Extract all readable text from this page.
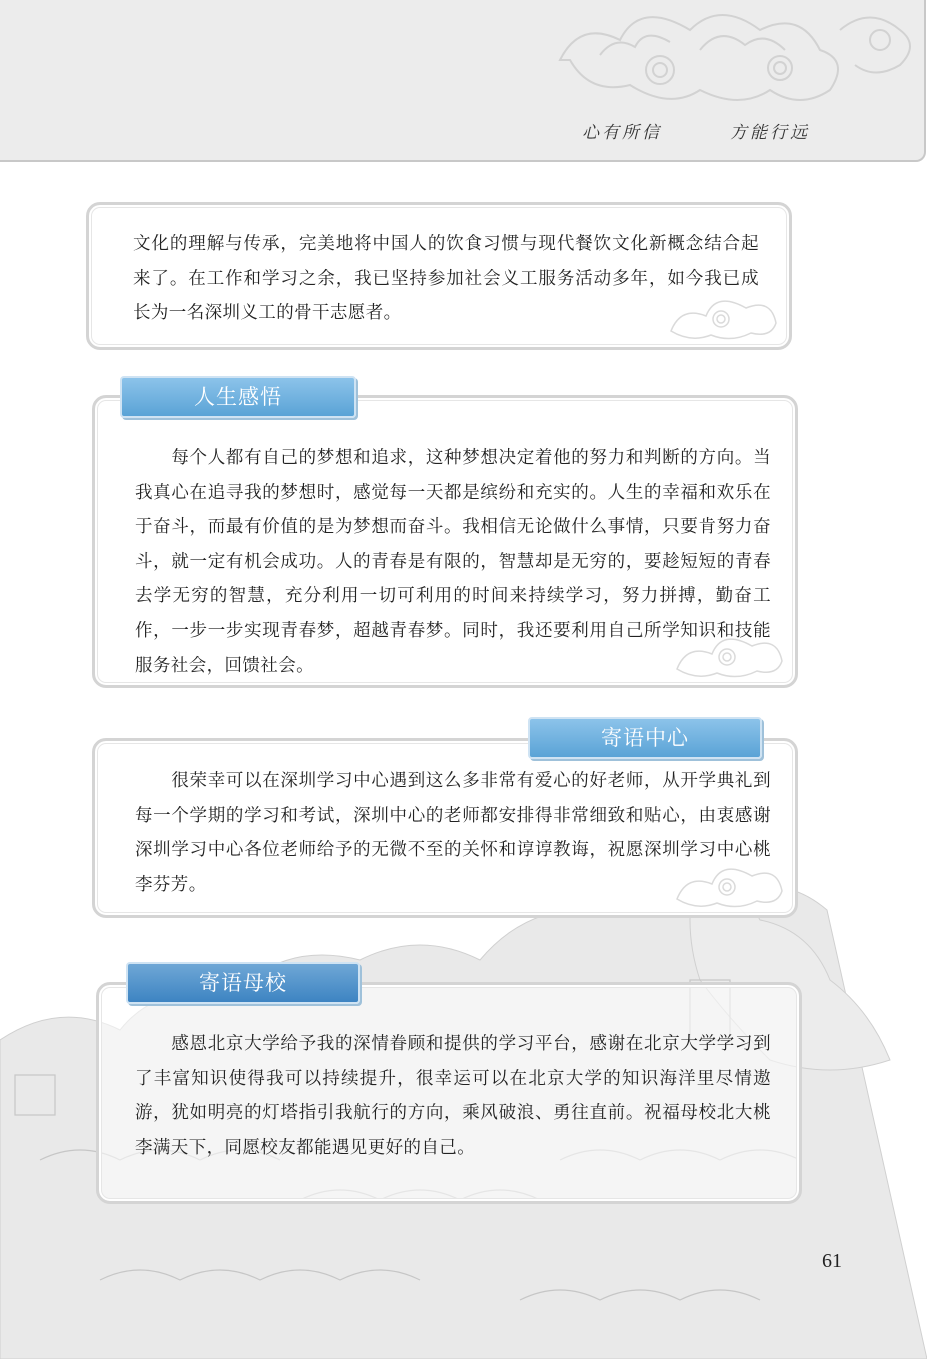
心有所信	方能行远

文化的理解与传承，完美地将中国人的饮食习惯与现代餐饮文化新概念结合起来了。在工作和学习之余，我已坚持参加社会义工服务活动多年，如今我已成长为一名深圳义工的骨干志愿者。

　　每个人都有自己的梦想和追求，这种梦想决定着他的努力和判断的方向。当我真心在追寻我的梦想时，感觉每一天都是缤纷和充实的。人生的幸福和欢乐在于奋斗，而最有价值的是为梦想而奋斗。我相信无论做什么事情，只要肯努力奋斗，就一定有机会成功。人的青春是有限的，智慧却是无穷的，要趁短短的青春去学无穷的智慧，充分利用一切可利用的时间来持续学习，努力拼搏，勤奋工作，一步一步实现青春梦，超越青春梦。同时，我还要利用自己所学知识和技能服务社会，回馈社会。

人生感悟

　　很荣幸可以在深圳学习中心遇到这么多非常有爱心的好老师，从开学典礼到每一个学期的学习和考试，深圳中心的老师都安排得非常细致和贴心，由衷感谢深圳学习中心各位老师给予的无微不至的关怀和谆谆教诲，祝愿深圳学习中心桃李芬芳。

寄语中心

　　感恩北京大学给予我的深情眷顾和提供的学习平台，感谢在北京大学学习到了丰富知识使得我可以持续提升，很幸运可以在北京大学的知识海洋里尽情遨游，犹如明亮的灯塔指引我航行的方向，乘风破浪、勇往直前。祝福母校北大桃李满天下，同愿校友都能遇见更好的自己。

寄语母校
61
